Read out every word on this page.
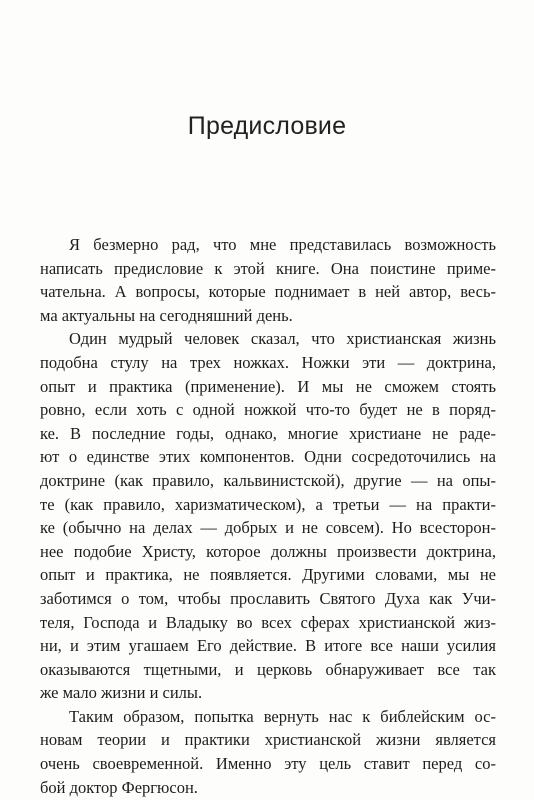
Предисловие
Я безмерно рад, что мне представилась возможность
написать предисловие к этой книге. Она поистине приме-
чательна. А вопросы, которые поднимает в ней автор, весь-
ма актуальны на сегодняшний день.
Один мудрый человек сказал, что христианская жизнь
подобна стулу на трех ножках. Ножки эти — доктрина,
опыт и практика (применение). И мы не сможем стоять
ровно, если хоть с одной ножкой что-то будет не в поряд-
ке. В последние годы, однако, многие христиане не раде-
ют о единстве этих компонентов. Одни сосредоточились на
доктрине (как правило, кальвинистской), другие — на опы-
те (как правило, харизматическом), а третьи — на практи-
ке (обычно на делах — добрых и не совсем). Но всесторон-
нее подобие Христу, которое должны произвести доктрина,
опыт и практика, не появляется. Другими словами, мы не
заботимся о том, чтобы прославить Святого Духа как Учи-
теля, Господа и Владыку во всех сферах христианской жиз-
ни, и этим угашаем Его действие. В итоге все наши усилия
оказываются тщетными, и церковь обнаруживает все так
же мало жизни и силы.
Таким образом, попытка вернуть нас к библейским ос-
новам теории и практики христианской жизни является
очень своевременной. Именно эту цель ставит перед со-
бой доктор Фергюсон.
